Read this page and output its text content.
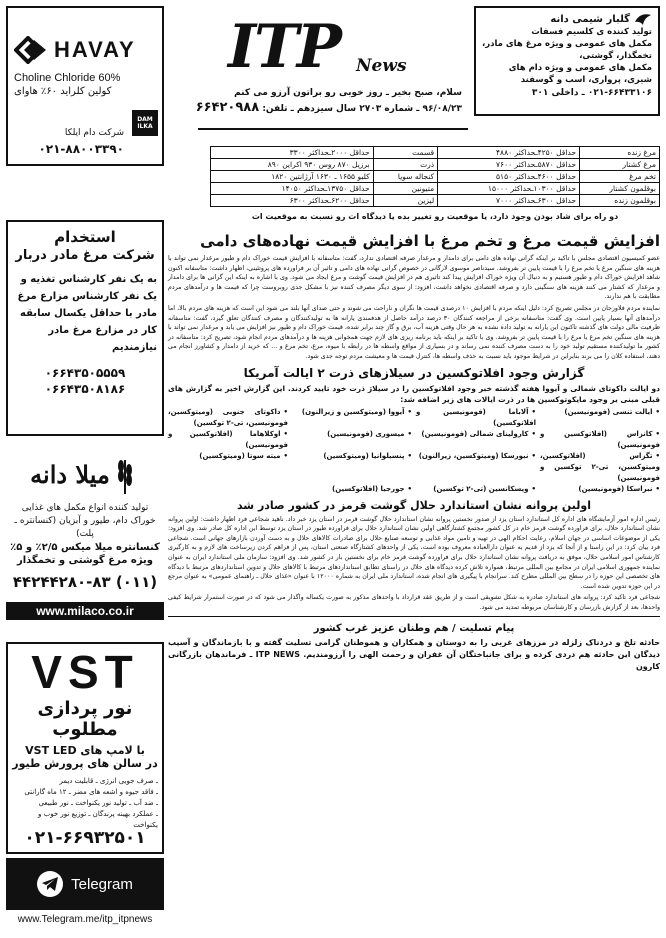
HAVAY
Choline Chloride 60%
کولین کلراید ۶۰٪ هاوای
DAM
ILKA
شرکت دام ایلکا
۰۲۱-۸۸۰۰۳۳۹۰
استخدام
شرکت مرغ مادر دربار
به یک نفر کارشناس تغذیه و یک نفر کارشناس مزارع مرغ مادر با حداقل یکسال سابقه کار در مزارع مرغ مادر نیازمندیم
۰۶۶۴۳۵۰۵۵۵۹
۰۶۶۴۳۵۰۸۱۸۶
میلا دانه
تولید کننده انواع مکمل های غذایی
خوراک دام، طیور و آبزیان (کنسانتره ـ پلت)
کنسانتره میلا میکس ۲/۵٪ و ۵٪
ویژه مرغ گوشتی و تخمگذار
(۰۱۱) ۴۴۲۴۴۲۸۰-۸۳
www.milaco.co.ir
VST
نور پردازی مطلوب
با لامپ های VST LED
در سالن های پرورش طیور
ـ صرف جویی انرژی ـ قابلیت دیمر
ـ فاقد جیوه و اشعه های مضر ـ ۱۲ ماه گارانتی
ـ ضد آب ـ تولید نور یکنواخت ـ نور طبیعی
ـ عملکرد بهینه پرندگان ـ توزیع نور خوب و یکنواخت
۰۲۱-۶۶۹۳۲۵۰۱
Telegram
www.Telegram.me/itp_itpnews
ITP News
سلام، صبح بخیر ـ روز خوبی رو براتون آرزو می کنم
۹۶/۰۸/۲۳ ـ شماره ۲۷۰۳ سال سیزدهم ـ تلفن: ۶۶۴۲۰۹۸۸
گلبار شیمی دانه
تولید کننده ی کلسیم فسفات
مکمل های عمومی و ویژه مرغ های مادر، تخمگذار، گوشتی،
مکمل های عمومی و ویژه دام های شیری، پرواری، اسب و گوسفند
۰۲۱-۶۶۴۳۳۱۰۶ ـ داخلی ۳۰۱
مرغ زنده	حداقل ۴۲۵۰ـحداکثر ۴۸۸۰	قسمت	حداقل ۲۰۰۰ـحداکثر ۳۳۰۰
مرغ کشتار	حداقل ۵۸۷۰ـحداکثر ۷۶۰۰	ذرت	برزیل ۸۷۰ روس ۹۳۰ اکراین ۸۹۰
تخم مرغ	حداقل ۴۶۰۰ـحداکثر ۵۱۵۰	کنجاله سویا	کلبو ۱۶۵۵ ـ ۱۶۳۰ آرژانتین ۱۸۲۰
بوقلمون کشتار	حداقل ۱۰۳۰۰ـحداکثر ۱۵۰۰۰	متیونین	حداقل ۱۳۷۵۰ـحداکثر ۱۴۰۵۰
بوقلمون زنده	حداقل ۶۳۰۰ـحداکثر ۷۰۰۰	لیزین	حداقل ۶۲۰۰ـحداکثر ۶۳۰۰
دو راه برای شاد بودن وجود دارد، یا موقعیت رو تغییر بده یا دیدگاه ات رو نسبت به موقعیت ات
افزایش قیمت مرغ و تخم مرغ با افزایش قیمت نهاده‌های دامی

عضو کمیسیون اقتصادی مجلس با تاکید بر اینکه گرانی نهاده های دامی برای دامدار و مرغدار صرفه اقتصادی ندارد، گفت: متاسفانه با افزایش قیمت خوراک دام و طیور مرغدار نمی تواند با هزینه های سنگین مرغ یا تخم مرغ را با قیمت پایین تر بفروشد. سیدناصر موسوی لارگانی در خصوص گرانی نهاده های دامی و تاثیر آن بر فراورده های پروتئینی، اظهار داشت: متاسفانه اکنون شاهد افزایش خوراک دام و طیور هستیم و به دنبال آن ویژه خوراک افزایش پیدا کند تاثیری هم در افزایش قیمت گوشت و مرغ ایجاد می شود. وی با اشاره به اینکه این گرانی ها برای دامدار و مرغدار که کشتار می کنند هزینه های سنگینی دارد و صرفه اقتصادی نخواهد داشت، افزود: از سوی دیگر مصرف کننده نیز با مشکل جدی روبروست چرا که قیمت ها و درآمدهای مردم مطابقت با هم ندارند.

نماینده مردم فلاورجان در مجلس تصریح کرد: دلیل اینکه مردم با افزایش ۱۰ درصدی قیمت ها نگران و ناراحت می شوند و حتی صدای آنها بلند می شود این است که هزینه های مردم بالا، اما درآمدهای آنها بسیار پایین است. وی گفت: متاسفانه برخی از مراجعه کنندگان ۳۰ درصد درآمد حاصل از هدفمندی یارانه ها به تولیدکنندگان و مصرف کنندگان تعلق گیرد، گفت: متاسفانه ظرفیت مالی دولت های گذشته تاکنون این یارانه به تولید داده نشده به هر حال وقتی هزینه آب، برق و گاز چند برابر شده، قیمت خوراک دام و طیور نیز افزایش می یابد و مرغدار نمی تواند با هزینه های سنگین تخم مرغ یا مرغ را با قیمت پایین تر بفروشد. وی با تاکید بر اینکه باید برنامه ریزی های لازم جهت همخوانی هزینه ها و درآمدهای مردم انجام شود، تصریح کرد: متاسفانه در کشور ما تولیدکننده مستقیم تولید خود را به دست مصرف کننده نمی رساند و در بسیاری از مواقع واسطه ها در رابطه با میوه، مرغ، تخم مرغ و ... که خرید از دامدار و کشاورز انجام می دهند، استفاده کلان را می برند بنابراین در شرایط موجود باید نسبت به حذف واسطه ها، کنترل قیمت ها و معیشت مردم توجه جدی شود.

گزارش وجود افلاتوکسین در سیلازهای ذرت ۲ ایالت آمریکا

دو ایالت داکوتای شمالی و آیووا هفته گذشته خبر وجود افلاتوکسین را در سیلاژ ذرت خود تایید کردند. این گزارش اخیر به گزارش های قبلی مبنی بر وجود مایکوتوکسین ها در ذرت ایالات های زیر اضافه شد:

• ایالت تنسی (فومونیسین)
• آلاباما (فومونیسین و افلاتوکسین)
• آیووا (ومیتوکسین و زیرالنون)
• داکوتای جنوبی (ومیتوکسین، فومونیسین، تی-۲ توکسین)
• کانزاس (افلاتوکسین و فومونیسین)
• کارولینای شمالی (فومونیسین)
• میسوری (فومونیسین)
• اوکلاهاما (افلاتوکسین و فومونیسین)
• تگزاس (افلاتوکسین، ومیتوکسین، تی-۲ توکسین و فومونیسین)
• نبورسکا (ومیتوکسین، زیرالنون)
• پنسیلوانیا (ومیتوکسین)
• میته سوتا (ومیتوکسین)
• نبراسکا (فومونیسین)
• ویسکانسین (تی-۲ توکسین)
• جورجیا (افلاتوکسین)
اولین پروانه نشان استاندارد حلال گوشت قرمز در کشور صادر شد

رئیس اداره امور آزمایشگاه های اداره کل استاندارد استان یزد از صدور نخستین پروانه نشان استاندارد حلال گوشت قرمز در استان یزد خبر داد. ناهید شجاعی فرد اظهار داشت: اولین پروانه نشان استاندارد حلال، برای فراورده گوشت قرمز خام در کل کشور مجتمع کشتارگاهی اولین نشان استاندارد حلال برای فراورده طیور در استان یزد توسط این اداره کل صادر شد. وی افزود: یکی از موضوعات اساسی در جهان اسلام، رعایت احکام الهی در تهیه و تامین مواد غذایی و توسعه صنایع حلال برای صادرات کالاهای حلال و به دست آوردن بازارهای جهانی است. شجاعی فرد بیان کرد: در این راستا و از آنجا که یزد از قدیم به عنوان دارالعباده معروف بوده است، یکی از واحدهای کشتارگاه صنعتی استان، پس از فراهم کردن زیرساخت های لازم و به کارگیری کارشناس امور اسلامی حلال، موفق به دریافت پروانه نشان استاندارد حلال برای فراورده گوشت قرمز خام برای نخستین بار در کشور شد. وی افزود: سازمان ملی استاندارد ایران به عنوان نماینده جمهوری اسلامی ایران در مجامع بین المللی مرتبط، همواره تلاش کرده دیدگاه های حلال در راستای تطابق استانداردهای مرتبط با کالاهای حلال و تدوین استانداردهای مرتبط با دیدگاه های تخصصی این حوزه را در سطح بین المللی مطرح کند. سرانجام با پیگیری های انجام شده، استاندارد ملی ایران به شماره ۱۲۰۰۰ با عنوان «غذای حلال ـ راهنمای عمومی» به عنوان مرجع در این حوزه تدوین شده است.

شجاعی فرد تاکید کرد: پروانه های استاندارد صادره به شکل تشویقی است و از طریق عقد قرارداد با واحدهای مذکور به صورت یکساله واگذار می شود که در صورت استمرار شرایط کیفی واحدها، بعد از گزارش بازرسان و کارشناسان مربوطه تمدید می شود.

پیام تسلیت / هم وطنان عزیز غرب کشور

حادثه تلخ و دردناک زلزله در مرزهای غربی را به دوستان و همکاران و هموطنان گرامی تسلیت گفته و با بازماندگان و آسیب دیدگان این حادثه هم دردی کرده و برای جانباختگان آن غفران و رحمت الهی را آرزومندیم. ITP NEWS ـ فرماندهان بازرگانی کارون
